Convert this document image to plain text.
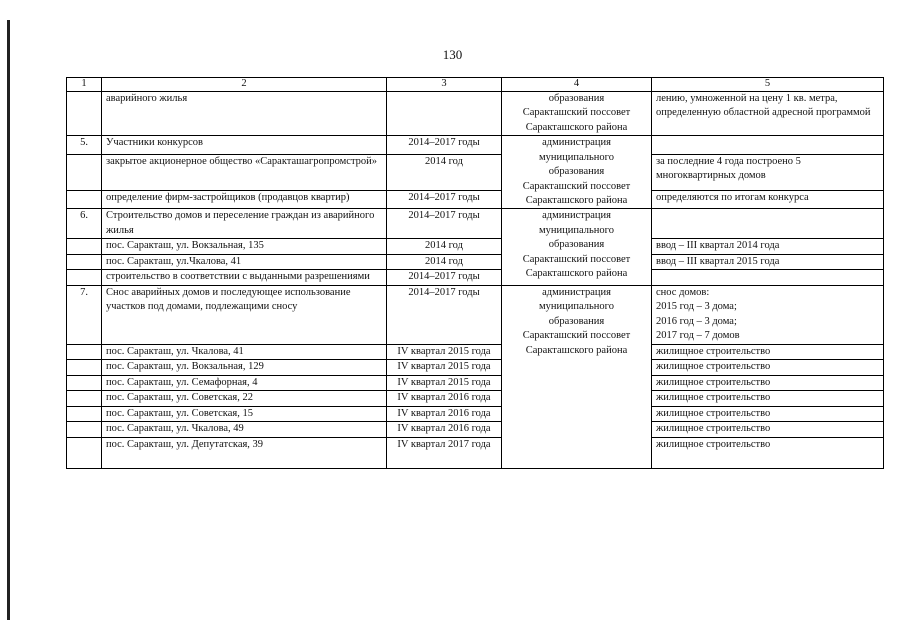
130
1	2	3	4	5
	аварийного жилья		образования
Саракташский поссовет
Саракташского района	лению, умноженной на цену 1 кв. метра, определенную областной адресной программой
5.	Участники конкурсов	2014–2017 годы	администрация
муниципального
образования
Саракташский поссовет
Саракташского района	

	закрытое акционерное общество «Саракташагропромстрой»	2014 год		за последние 4 года построено 5 многоквартирных домов
	определение фирм-застройщиков (продавцов квартир)	2014–2017 годы		определяются по итогам конкурса
6.	Строительство домов и переселение граждан из аварийного жилья	2014–2017 годы	администрация
муниципального
образования
Саракташский поссовет
Саракташского района	

	пос. Саракташ, ул. Вокзальная, 135	2014 год		ввод – III квартал 2014 года
	пос. Саракташ, ул.Чкалова, 41	2014 год		ввод – III квартал 2015 года
	строительство в соответствии с выданными разрешениями	2014–2017 годы		
7.	Снос аварийных домов и последующее использование участков под домами, подлежащими сносу	2014–2017 годы	администрация
муниципального
образования
Саракташский поссовет
Саракташского района	снос домов:
2015 год – 3 дома;
2016 год – 3 дома;
2017 год – 7 домов

	пос. Саракташ, ул. Чкалова, 41	IV квартал 2015 года		жилищное строительство
	пос. Саракташ, ул. Вокзальная, 129	IV квартал 2015 года		жилищное строительство
	пос. Саракташ, ул. Семафорная, 4	IV квартал 2015 года		жилищное строительство
	пос. Саракташ, ул. Советская, 22	IV квартал 2016 года		жилищное строительство
	пос. Саракташ, ул. Советская, 15	IV квартал 2016 года		жилищное строительство
	пос. Саракташ, ул. Чкалова, 49	IV квартал 2016 года		жилищное строительство
	пос. Саракташ, ул. Депутатская, 39	IV квартал 2017 года		жилищное строительство
